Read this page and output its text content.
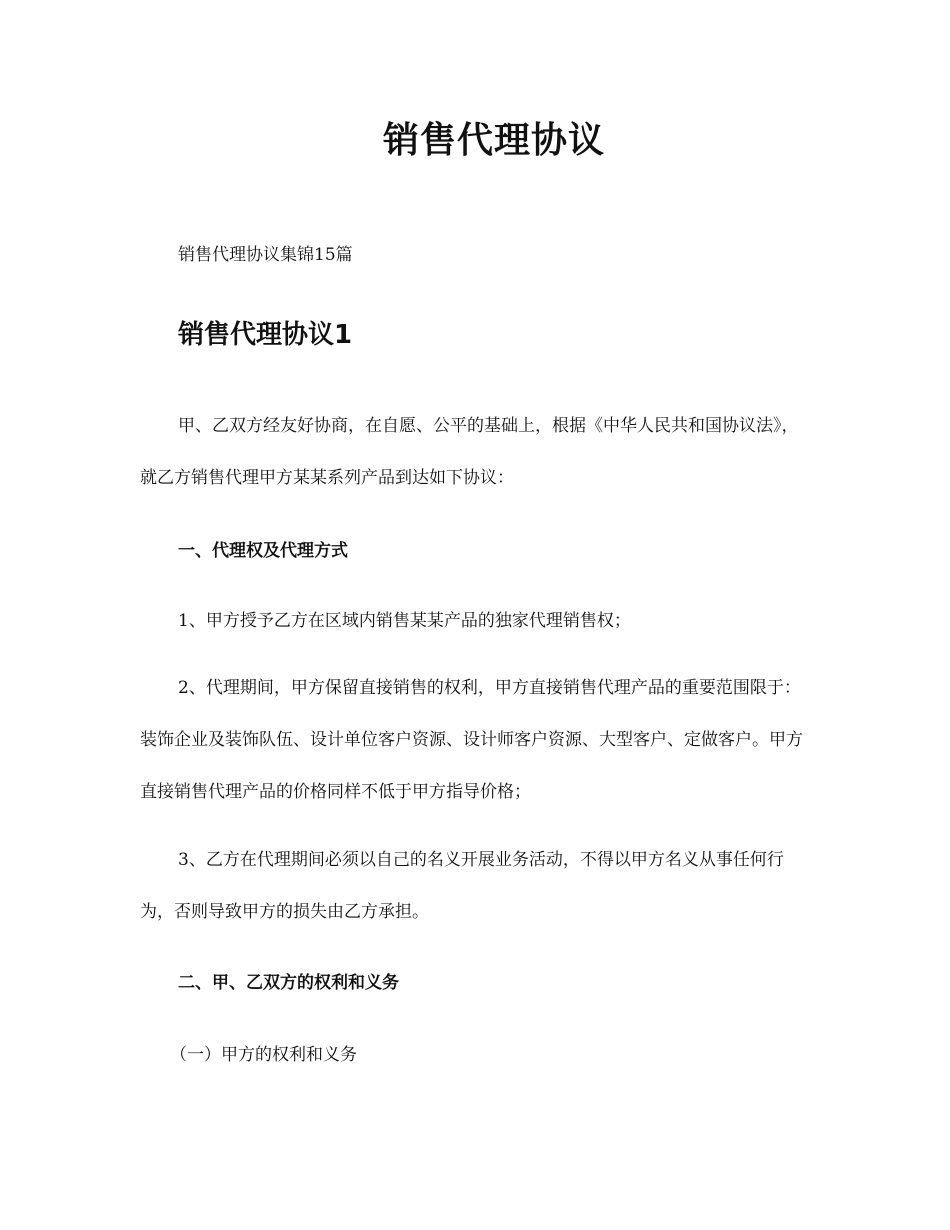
销售代理协议
销售代理协议集锦15篇
销售代理协议1
甲、乙双方经友好协商，在自愿、公平的基础上，根据《中华人民共和国协议法》，就乙方销售代理甲方某某系列产品到达如下协议：
一、代理权及代理方式
1、甲方授予乙方在区域内销售某某产品的独家代理销售权；
2、代理期间，甲方保留直接销售的权利，甲方直接销售代理产品的重要范围限于：装饰企业及装饰队伍、设计单位客户资源、设计师客户资源、大型客户、定做客户。甲方直接销售代理产品的价格同样不低于甲方指导价格；
3、乙方在代理期间必须以自己的名义开展业务活动，不得以甲方名义从事任何行为，否则导致甲方的损失由乙方承担。
二、甲、乙双方的权利和义务
（一）甲方的权利和义务
